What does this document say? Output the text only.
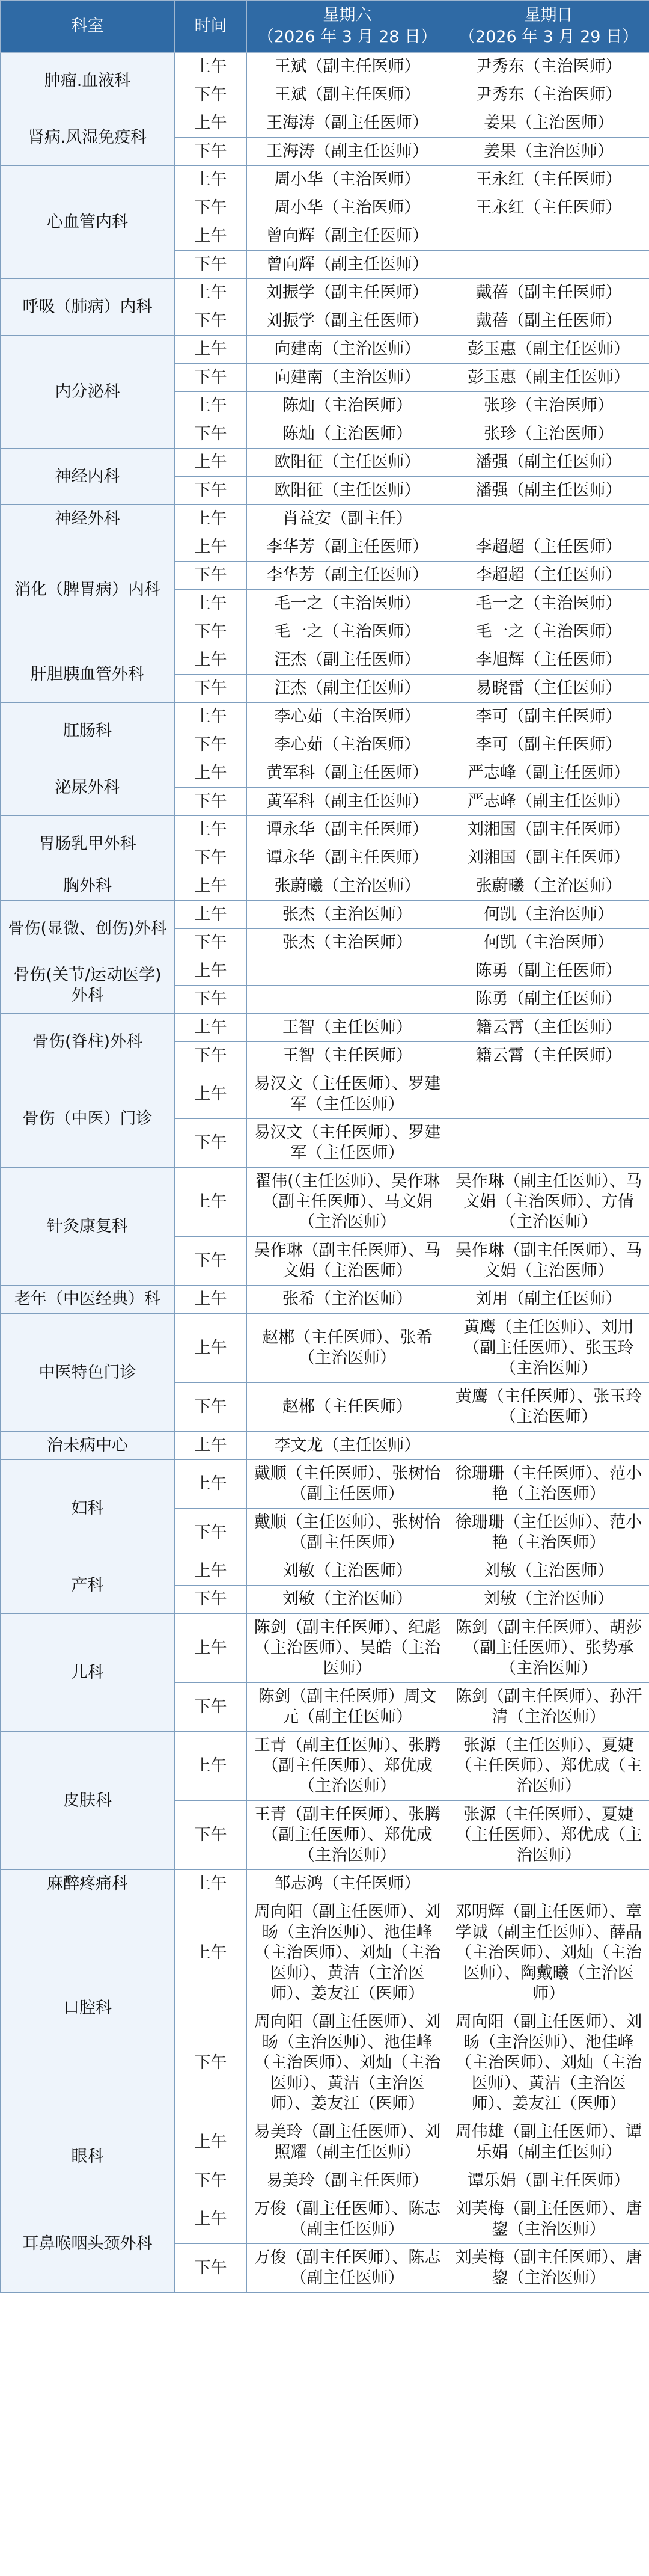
科室	时间	星期六
（2026 年 3 月 28 日）	星期日
（2026 年 3 月 29 日）
肿瘤.血液科	上午	王斌（副主任医师）	尹秀东（主治医师）
	下午	王斌（副主任医师）	尹秀东（主治医师）
肾病.风湿免疫科	上午	王海涛（副主任医师）	姜果（主治医师）
	下午	王海涛（副主任医师）	姜果（主治医师）
心血管内科	上午	周小华（主治医师）	王永红（主任医师）
	下午	周小华（主治医师）	王永红（主任医师）
	上午	曾向辉（副主任医师）	
	下午	曾向辉（副主任医师）	
呼吸（肺病）内科	上午	刘振学（副主任医师）	戴蓓（副主任医师）
	下午	刘振学（副主任医师）	戴蓓（副主任医师）
内分泌科	上午	向建南（主治医师）	彭玉惠（副主任医师）
	下午	向建南（主治医师）	彭玉惠（副主任医师）
	上午	陈灿（主治医师）	张珍（主治医师）
	下午	陈灿（主治医师）	张珍（主治医师）
神经内科	上午	欧阳征（主任医师）	潘强（副主任医师）
	下午	欧阳征（主任医师）	潘强（副主任医师）
神经外科	上午	肖益安（副主任）	
消化（脾胃病）内科	上午	李华芳（副主任医师）	李超超（主任医师）
	下午	李华芳（副主任医师）	李超超（主任医师）
	上午	毛一之（主治医师）	毛一之（主治医师）
	下午	毛一之（主治医师）	毛一之（主治医师）
肝胆胰血管外科	上午	汪杰（副主任医师）	李旭辉（主任医师）
	下午	汪杰（副主任医师）	易晓雷（主任医师）
肛肠科	上午	李心茹（主治医师）	李可（副主任医师）
	下午	李心茹（主治医师）	李可（副主任医师）
泌尿外科	上午	黄军科（副主任医师）	严志峰（副主任医师）
	下午	黄军科（副主任医师）	严志峰（副主任医师）
胃肠乳甲外科	上午	谭永华（副主任医师）	刘湘国（副主任医师）
	下午	谭永华（副主任医师）	刘湘国（副主任医师）
胸外科	上午	张蔚曦（主治医师）	张蔚曦（主治医师）
骨伤(显微、创伤)外科	上午	张杰（主治医师）	何凯（主治医师）
	下午	张杰（主治医师）	何凯（主治医师）
骨伤(关节/运动医学)外科	上午		陈勇（副主任医师）
	下午		陈勇（副主任医师）
骨伤(脊柱)外科	上午	王智（主任医师）	籍云霄（主任医师）
	下午	王智（主任医师）	籍云霄（主任医师）
骨伤（中医）门诊	上午	易汉文（主任医师）、罗建军（主任医师）	
	下午	易汉文（主任医师）、罗建军（主任医师）	
针灸康复科	上午	翟伟(（主任医师）、吴作琳（副主任医师）、马文娟（主治医师）	吴作琳（副主任医师）、马文娟（主治医师）、方倩（主治医师）
	下午	吴作琳（副主任医师）、马文娟（主治医师）	吴作琳（副主任医师）、马文娟（主治医师）
老年（中医经典）科	上午	张希（主治医师）	刘用（副主任医师）
中医特色门诊	上午	赵郴（主任医师）、张希（主治医师）	黄鹰（主任医师）、刘用（副主任医师）、张玉玲（主治医师）
	下午	赵郴（主任医师）	黄鹰（主任医师）、张玉玲（主治医师）
治未病中心	上午	李文龙（主任医师）	
妇科	上午	戴顺（主任医师）、张树怡（副主任医师）	徐珊珊（主任医师）、范小艳（主治医师）
	下午	戴顺（主任医师）、张树怡（副主任医师）	徐珊珊（主任医师）、范小艳（主治医师）
产科	上午	刘敏（主治医师）	刘敏（主治医师）
	下午	刘敏（主治医师）	刘敏（主治医师）
儿科	上午	陈剑（副主任医师）、纪彪（主治医师）、吴皓（主治医师）	陈剑（副主任医师）、胡莎（副主任医师）、张势承（主治医师）
	下午	陈剑（副主任医师）周文元（副主任医师）	陈剑（副主任医师）、孙汗清（主治医师）
皮肤科	上午	王青（副主任医师）、张腾（副主任医师）、郑优成（主治医师）	张源（主任医师）、夏婕（主任医师）、郑优成（主治医师）
	下午	王青（副主任医师）、张腾（副主任医师）、郑优成（主治医师）	张源（主任医师）、夏婕（主任医师）、郑优成（主治医师）
麻醉疼痛科	上午	邹志鸿（主任医师）	
口腔科	上午	周向阳（副主任医师）、刘旸（主治医师）、池佳峰（主治医师）、刘灿（主治医师）、黄洁（主治医师）、姜友江（医师）	邓明辉（副主任医师）、章学诚（副主任医师）、薛晶（主治医师）、刘灿（主治医师）、陶戴曦（主治医师）
	下午	周向阳（副主任医师）、刘旸（主治医师）、池佳峰（主治医师）、刘灿（主治医师）、黄洁（主治医师）、姜友江（医师）	周向阳（副主任医师）、刘旸（主治医师）、池佳峰（主治医师）、刘灿（主治医师）、黄洁（主治医师）、姜友江（医师）
眼科	上午	易美玲（副主任医师）、刘照耀（副主任医师）	周伟雄（副主任医师）、谭乐娟（副主任医师）
	下午	易美玲（副主任医师）	谭乐娟（副主任医师）
耳鼻喉咽头颈外科	上午	万俊（副主任医师）、陈志（副主任医师）	刘芙梅（副主任医师）、唐鋆（主治医师）
	下午	万俊（副主任医师）、陈志（副主任医师）	刘芙梅（副主任医师）、唐鋆（主治医师）
